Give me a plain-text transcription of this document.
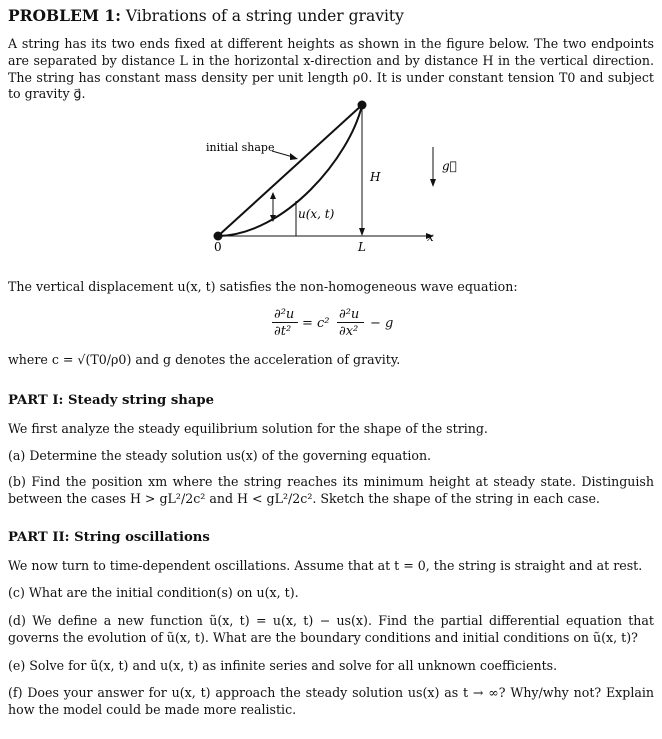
PROBLEM 1: Vibrations of a string under gravity
A string has its two ends fixed at different heights as shown in the figure below. The two endpoints are separated by distance L in the horizontal x-direction and by distance H in the vertical direction. The string has constant mass density per unit length ρ0. It is under constant tension T0 and subject to gravity g⃗.
initial shape
H
g⃗
u(x, t)
0	L
x
The vertical displacement u(x, t) satisfies the non-homogeneous wave equation:
∂²u
∂t²
= c²
∂²u
∂x²
− g
where c = √(T0/ρ0) and g denotes the acceleration of gravity.
PART I: Steady string shape
We first analyze the steady equilibrium solution for the shape of the string.
(a) Determine the steady solution us(x) of the governing equation.
(b) Find the position xm where the string reaches its minimum height at steady state. Distinguish between the cases H > gL²/2c² and H < gL²/2c². Sketch the shape of the string in each case.
PART II: String oscillations
We now turn to time-dependent oscillations. Assume that at t = 0, the string is straight and at rest.
(c) What are the initial condition(s) on u(x, t).
(d) We define a new function ũ(x, t) = u(x, t) − us(x). Find the partial differential equation that governs the evolution of ũ(x, t). What are the boundary conditions and initial conditions on ũ(x, t)?
(e) Solve for ũ(x, t) and u(x, t) as infinite series and solve for all unknown coefficients.
(f) Does your answer for u(x, t) approach the steady solution us(x) as t → ∞? Why/why not? Explain how the model could be made more realistic.
